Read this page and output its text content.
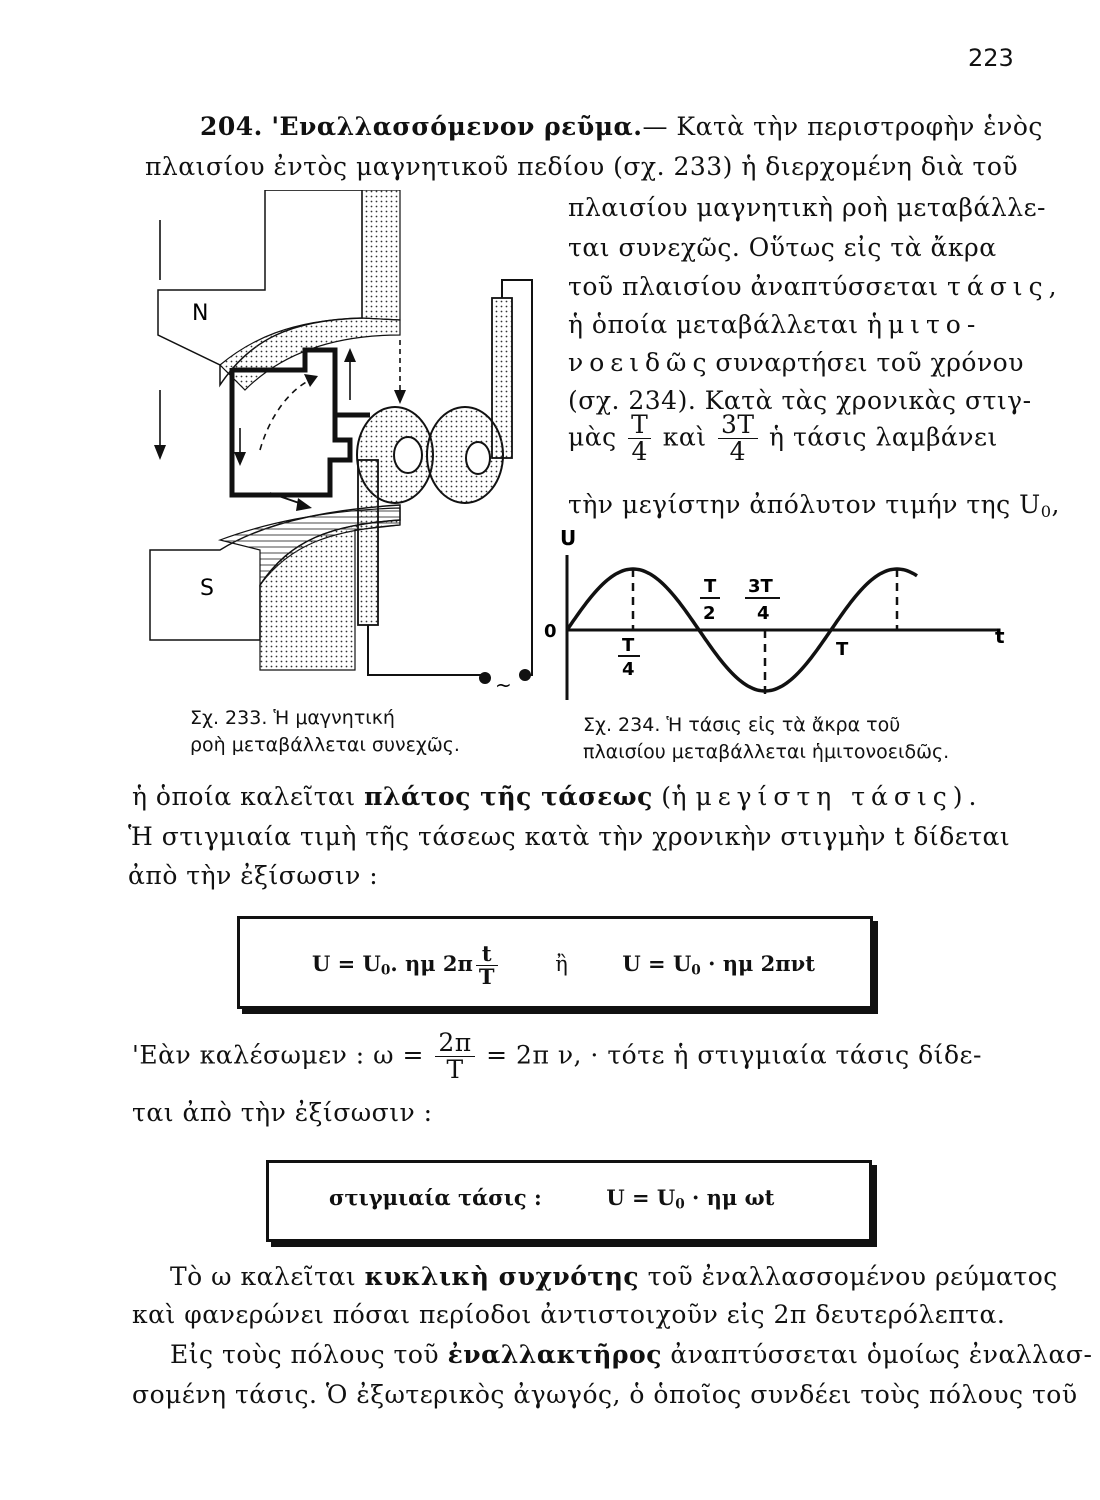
223
204. 'Εναλλασσόμενον ρεῦμα.— Κατὰ τὴν περιστροφὴν ἑνὸς
πλαισίου ἐντὸς μαγνητικοῦ πεδίου (σχ. 233) ἡ διερχομένη διὰ τοῦ
πλαισίου μαγνητικὴ ροὴ μεταβάλλε-
ται συνεχῶς. Οὕτως εἰς τὰ ἄκρα
τοῦ πλαισίου ἀναπτύσσεται τάσις,
ἡ ὁποία μεταβάλλεται ἡμιτο-
νοειδῶς συναρτήσει τοῦ χρόνου
(σχ. 234). Κατὰ τὰς χρονικὰς στιγ-
μὰς $\frac{T}{4}$ καὶ $\frac{3T}{4}$ ἡ τάσις λαμβάνει
τὴν μεγίστην ἀπόλυτον τιμήν της $U_0$,
N
S
~
Σχ. 233. Ἡ μαγνητική
ροὴ μεταβάλλεται συνεχῶς.
U
0	t
T
4
T
2
3T
4
T
Σχ. 234. Ἡ τάσις εἰς τὰ ἄκρα τοῦ
πλαισίου μεταβάλλεται ἡμιτονοειδῶς.
ἡ ὁποία καλεῖται πλάτος τῆς τάσεως (ἡ μεγίστη τάσις).
Ἡ στιγμιαία τιμὴ τῆς τάσεως κατὰ τὴν χρονικὴν στιγμὴν t δίδεται
ἀπὸ τὴν ἐξίσωσιν :
$U = U_0$. ημ $2\pi \frac{t}{T}$	ἢ	$U = U_0 \cdot \eta\mu$ 2πνt
'Εὰν καλέσωμεν : $\omega = \frac{2\pi}{T} = 2\pi$ ν, · τότε ἡ στιγμιαία τάσις δίδε-
ται ἀπὸ τὴν ἐξίσωσιν :
στιγμιαία τάσις :	$U = U_0 \cdot \eta\mu$ ωt
Τὸ ω καλεῖται κυκλικὴ συχνότης τοῦ ἐναλλασσομένου ρεύματος
καὶ φανερώνει πόσαι περίοδοι ἀντιστοιχοῦν εἰς 2π δευτερόλεπτα.
Εἰς τοὺς πόλους τοῦ ἐναλλακτῆρος ἀναπτύσσεται ὁμοίως ἐναλλασ-
σομένη τάσις. Ὁ ἐξωτερικὸς ἀγωγός, ὁ ὁποῖος συνδέει τοὺς πόλους τοῦ
